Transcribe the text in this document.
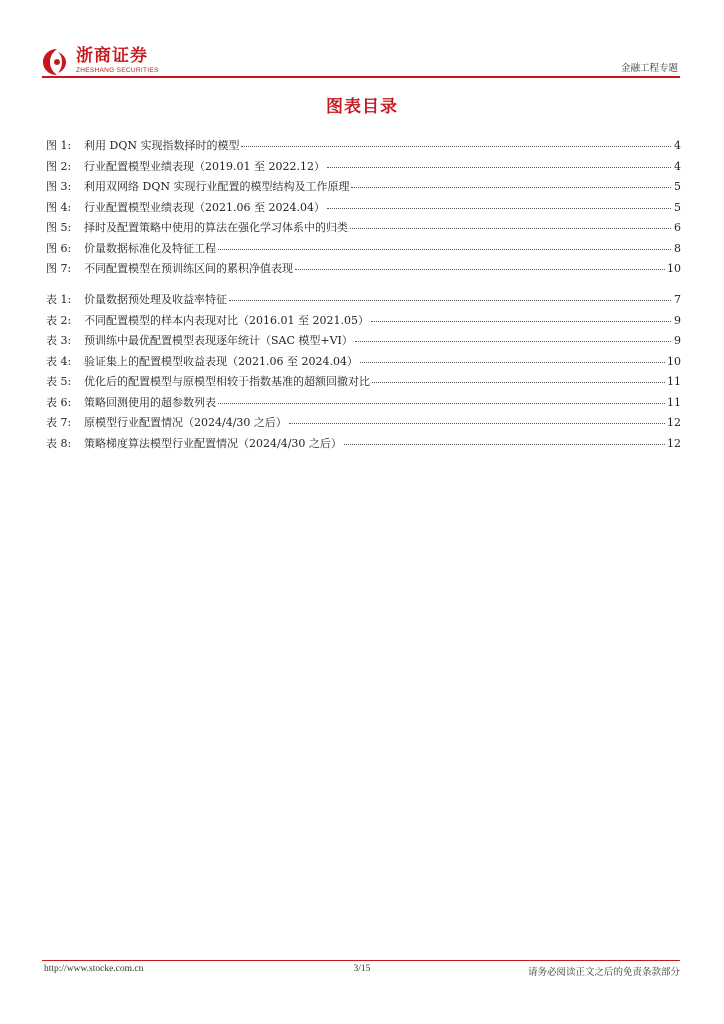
浙商证券
ZHESHANG SECURITIES	金融工程专题
图表目录
图 1:	利用 DQN 实现指数择时的模型	4
图 2:	行业配置模型业绩表现（2019.01 至 2022.12）	4
图 3:	利用双网络 DQN 实现行业配置的模型结构及工作原理	5
图 4:	行业配置模型业绩表现（2021.06 至 2024.04）	5
图 5:	择时及配置策略中使用的算法在强化学习体系中的归类	6
图 6:	价量数据标准化及特征工程	8
图 7:	不同配置模型在预训练区间的累积净值表现	10
表 1:	价量数据预处理及收益率特征	7
表 2:	不同配置模型的样本内表现对比（2016.01 至 2021.05）	9
表 3:	预训练中最优配置模型表现逐年统计（SAC 模型+VI）	9
表 4:	验证集上的配置模型收益表现（2021.06 至 2024.04）	10
表 5:	优化后的配置模型与原模型相较于指数基准的超额回撤对比	11
表 6:	策略回测使用的超参数列表	11
表 7:	原模型行业配置情况（2024/4/30 之后）	12
表 8:	策略梯度算法模型行业配置情况（2024/4/30 之后）	12
http://www.stocke.com.cn	3/15	请务必阅读正文之后的免责条款部分
